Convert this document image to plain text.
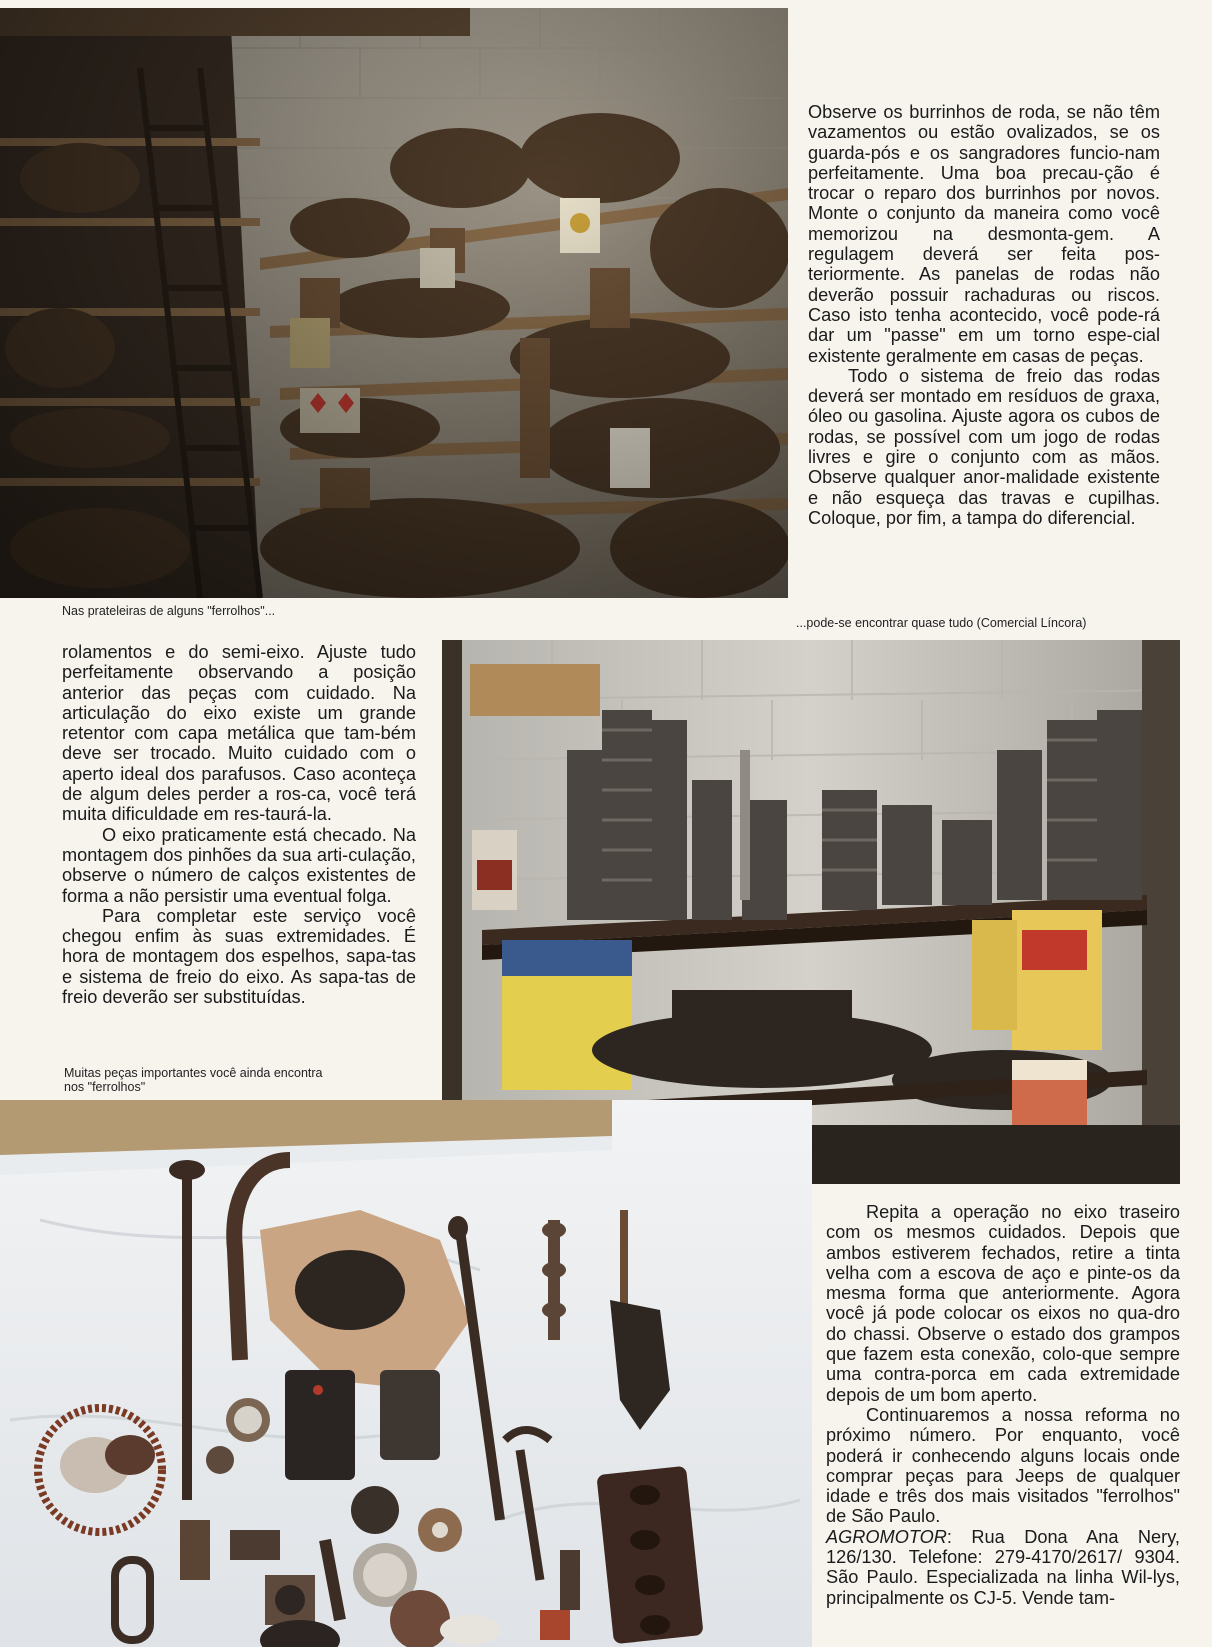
Nas prateleiras de alguns "ferrolhos"...

Observe os burrinhos de roda, se não têm vazamentos ou estão ovalizados, se os guarda-pós e os sangradores funcio-nam perfeitamente. Uma boa precau-ção é trocar o reparo dos burrinhos por novos. Monte o conjunto da maneira como você memorizou na desmonta-gem. A regulagem deverá ser feita pos-teriormente. As panelas de rodas não deverão possuir rachaduras ou riscos. Caso isto tenha acontecido, você pode-rá dar um "passe" em um torno espe-cial existente geralmente em casas de peças.

Todo o sistema de freio das rodas deverá ser montado em resíduos de graxa, óleo ou gasolina. Ajuste agora os cubos de rodas, se possível com um jogo de rodas livres e gire o conjunto com as mãos. Observe qualquer anor-malidade existente e não esqueça das travas e cupilhas. Coloque, por fim, a tampa do diferencial.

...pode-se encontrar quase tudo (Comercial Líncora)

rolamentos e do semi-eixo. Ajuste tudo perfeitamente observando a posição anterior das peças com cuidado. Na articulação do eixo existe um grande retentor com capa metálica que tam-bém deve ser trocado. Muito cuidado com o aperto ideal dos parafusos. Caso aconteça de algum deles perder a ros-ca, você terá muita dificuldade em res-taurá-la.

O eixo praticamente está checado. Na montagem dos pinhões da sua arti-culação, observe o número de calços existentes de forma a não persistir uma eventual folga.

Para completar este serviço você chegou enfim às suas extremidades. É hora de montagem dos espelhos, sapa-tas e sistema de freio do eixo. As sapa-tas de freio deverão ser substituídas.

Muitas peças importantes você ainda encontra
nos "ferrolhos"

Repita a operação no eixo traseiro com os mesmos cuidados. Depois que ambos estiverem fechados, retire a tinta velha com a escova de aço e pinte-os da mesma forma que anteriormente. Agora você já pode colocar os eixos no qua-dro do chassi. Observe o estado dos grampos que fazem esta conexão, colo-que sempre uma contra-porca em cada extremidade depois de um bom aperto.

Continuaremos a nossa reforma no próximo número. Por enquanto, você poderá ir conhecendo alguns locais onde comprar peças para Jeeps de qualquer idade e três dos mais visitados "ferrolhos" de São Paulo.

AGROMOTOR: Rua Dona Ana Nery, 126/130. Telefone: 279-4170/2617/ 9304. São Paulo. Especializada na linha Wil-lys, principalmente os CJ-5. Vende tam-
